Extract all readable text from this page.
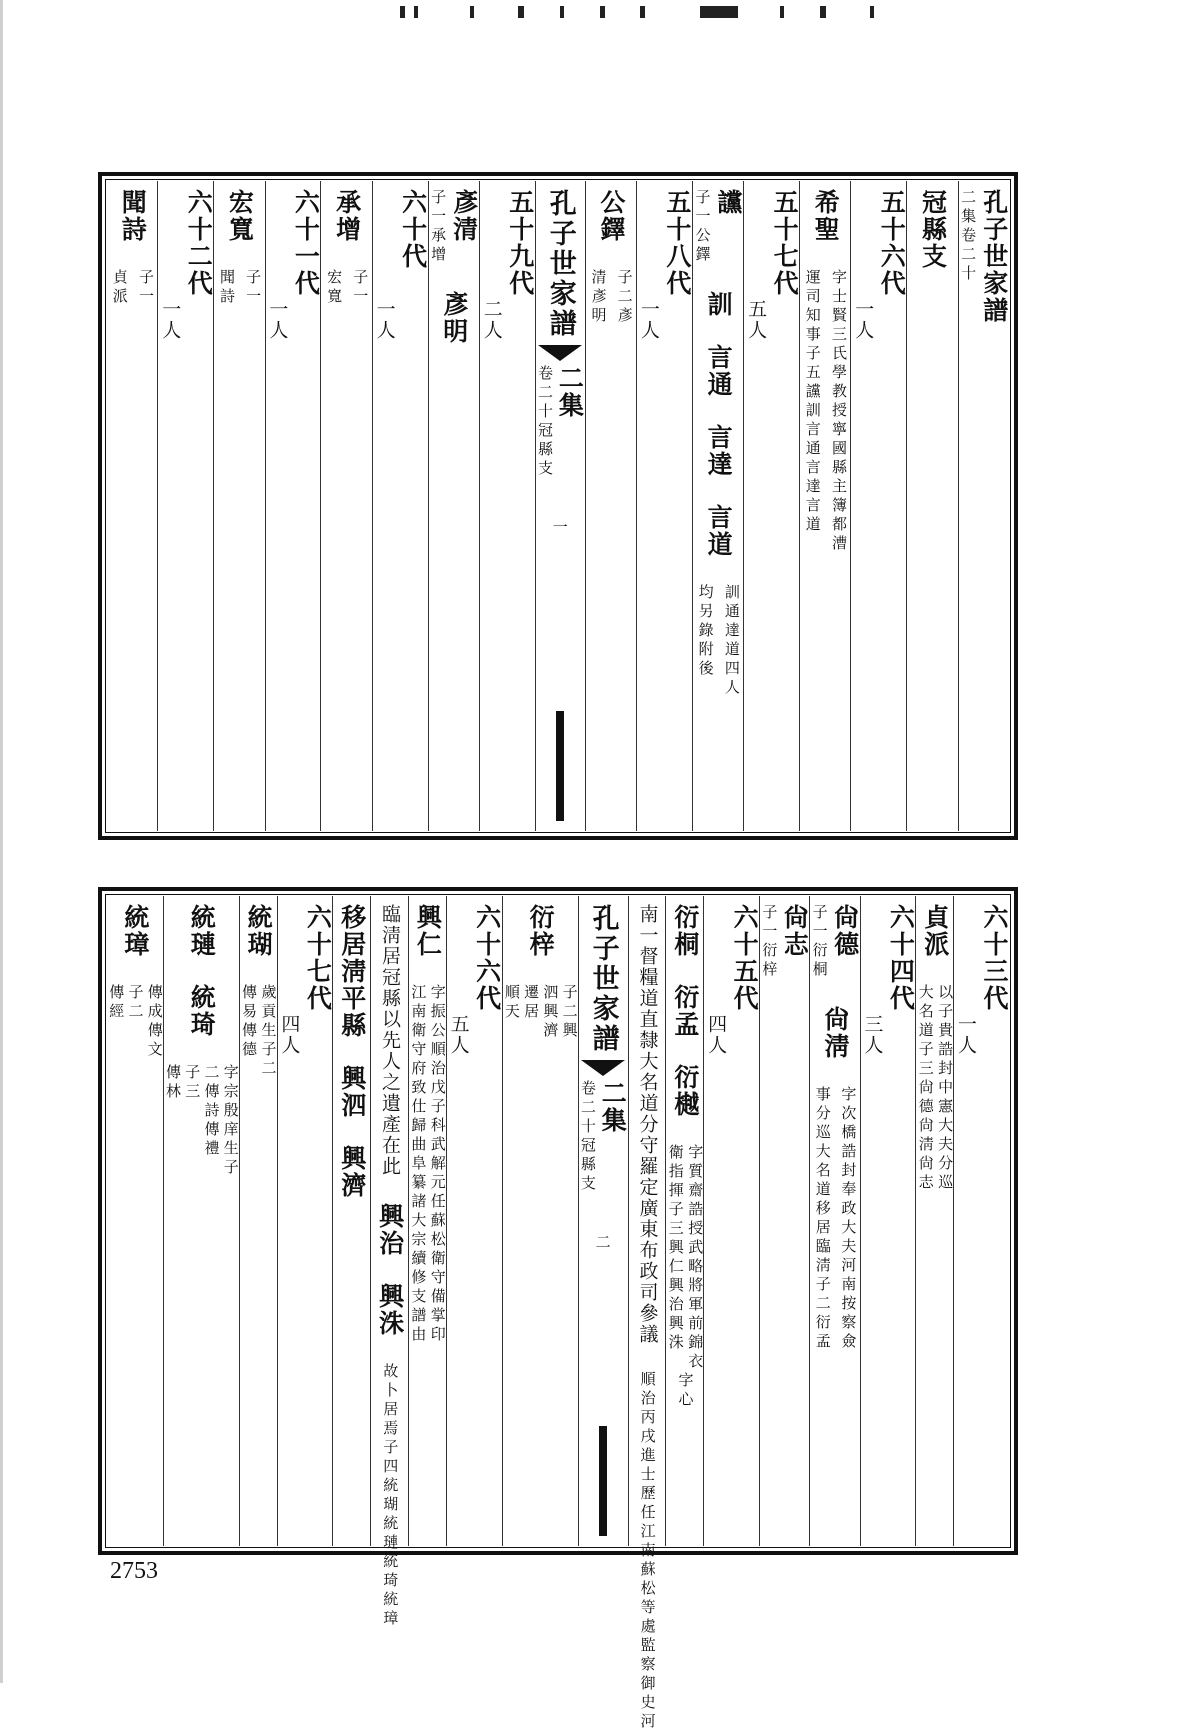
孔子世家譜
二集卷二十
冠縣支
五十六代
一人
希聖
字士賢三氏學教授寧國縣主簿都漕
運司知事子五讜訓言通言達言道
五十七代
五人
讜
子一公鐸
訓
言通
言達
言道
訓通達道四人
均另錄附後
五十八代
一人
公鐸
子二彥
清彥明
孔子世家譜
二集
卷二十
冠縣支
一
五十九代
二人
彥清
子一承增
彥明
六十代
一人
承增
子一
宏寬
六十一代
一人
宏寬
子一
聞詩
六十二代
一人
聞詩
子一
貞派
六十三代
一人
貞派
以子貴誥封中憲大夫分巡
大名道子三尙德尙淸尙志
六十四代
三人
尙德
子一衍桐
尙淸
字次橋誥封奉政大夫河南按察僉
事分巡大名道移居臨淸子二衍孟
尙志
子一衍梓
六十五代
四人
衍桐
衍孟
衍樾
字質齋誥授武略將軍前錦衣
衛指揮子三興仁興治興洙
字心
南一督糧道直隸大名道分守羅定廣東布政司參議
順治丙戌進士歷任江南蘇松等處監察御史河
孔子世家譜
二集
卷二十
冠縣支
二
衍梓
子二興
泗興濟
遷居
順天
六十六代
五人
興仁
字振公順治戊子科武解元任蘇松衛守備掌印
江南衛守府致仕歸曲阜纂諸大宗續修支譜由
臨淸居冠縣以先人之遺產在此
興治
興洙
故卜居焉子四統瑚統璉統琦統璋
移居淸平縣
興泗
興濟
六十七代
四人
統瑚
歲貢生子二
傳易傳德
統璉
統琦
字宗殷庠生子
二傳詩傳禮
子三
傳林
統璋
傳成傳文
子二
傳經
2753
